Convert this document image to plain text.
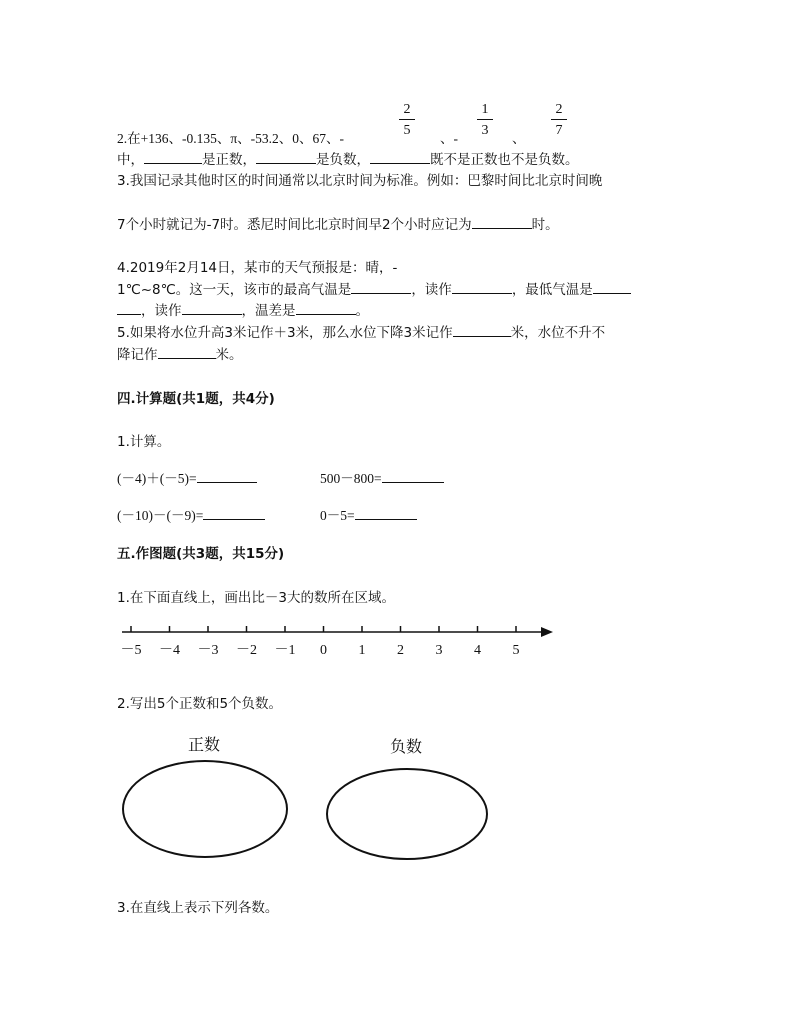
2
5
1
3
2
7
2.在+136、-0.135、π、-53.2、0、67、-	、-	、
中，	是正数，	是负数，	既不是正数也不是负数。
3.我国记录其他时区的时间通常以北京时间为标准。例如：巴黎时间比北京时间晚
7个小时就记为-7时。悉尼时间比北京时间早2个小时应记为	时。
4.2019年2月14日，某市的天气预报是：晴，-
1℃~8℃。这一天，该市的最高气温是	，读作	，最低气温是
，读作	，温差是	。
5.如果将水位升高3米记作＋3米，那么水位下降3米记作	米，水位不升不
降记作	米。
四.计算题(共1题，共4分)
1.计算。
(－4)＋(－5)=	500－800=
(－10)－(－9)=	0－5=
五.作图题(共3题，共15分)
1.在下面直线上，画出比－3大的数所在区域。
－5 －4 －3 －2 －1 0 1 2 3 4 5
2.写出5个正数和5个负数。
正数	负数
3.在直线上表示下列各数。
